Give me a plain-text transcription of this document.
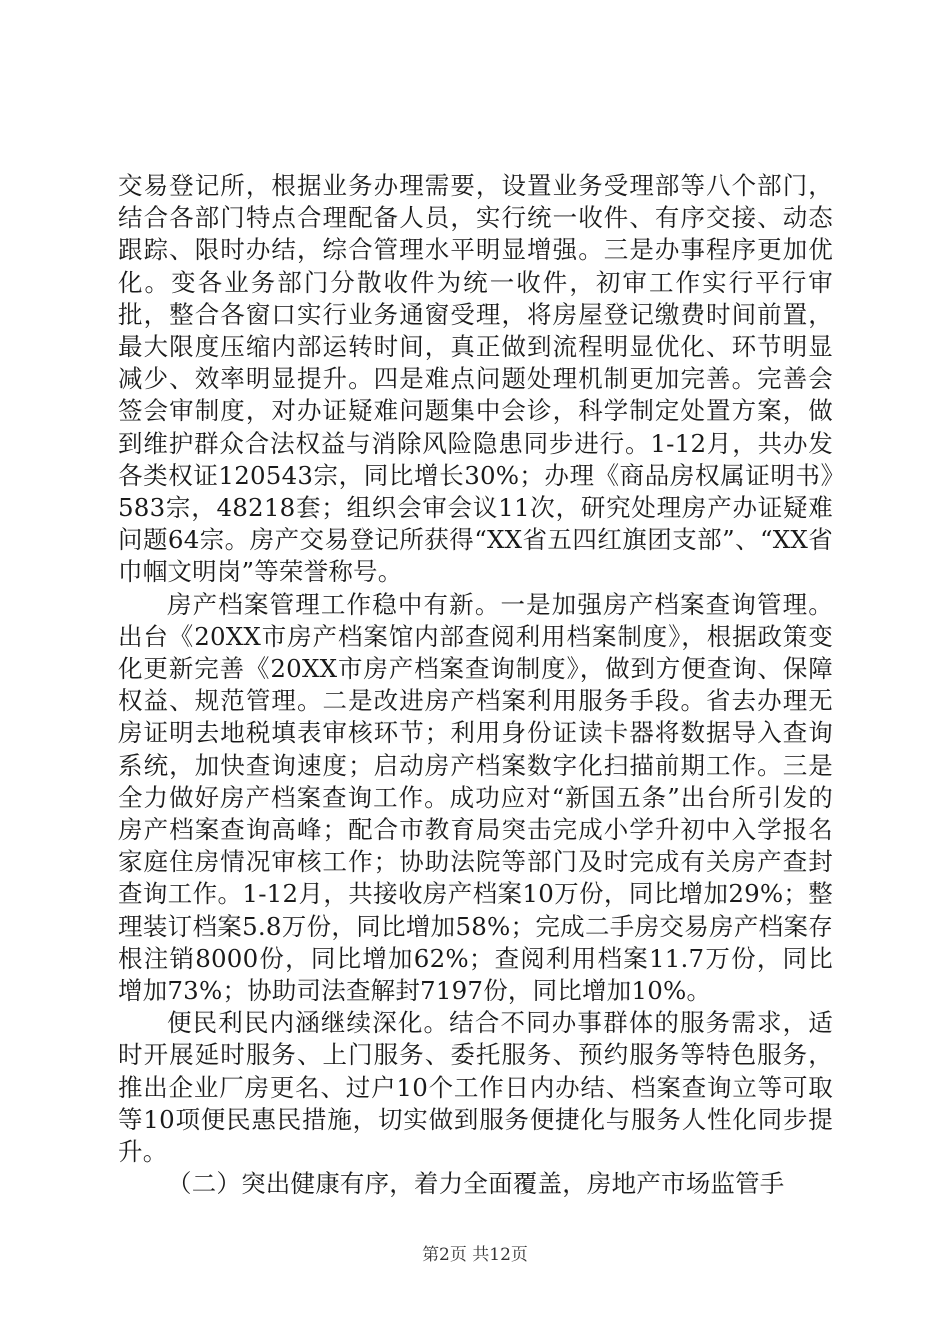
交易登记所，根据业务办理需要，设置业务受理部等八个部门，结合各部门特点合理配备人员，实行统一收件、有序交接、动态跟踪、限时办结，综合管理水平明显增强。三是办事程序更加优化。变各业务部门分散收件为统一收件，初审工作实行平行审批，整合各窗口实行业务通窗受理，将房屋登记缴费时间前置，最大限度压缩内部运转时间，真正做到流程明显优化、环节明显减少、效率明显提升。四是难点问题处理机制更加完善。完善会签会审制度，对办证疑难问题集中会诊，科学制定处置方案，做到维护群众合法权益与消除风险隐患同步进行。1-12月，共办发各类权证120543宗，同比增长30%；办理《商品房权属证明书》583宗，48218套；组织会审会议11次，研究处理房产办证疑难问题64宗。房产交易登记所获得“XX省五四红旗团支部”、“XX省巾帼文明岗”等荣誉称号。

房产档案管理工作稳中有新。一是加强房产档案查询管理。出台《20XX市房产档案馆内部查阅利用档案制度》，根据政策变化更新完善《20XX市房产档案查询制度》，做到方便查询、保障权益、规范管理。二是改进房产档案利用服务手段。省去办理无房证明去地税填表审核环节；利用身份证读卡器将数据导入查询系统，加快查询速度；启动房产档案数字化扫描前期工作。三是全力做好房产档案查询工作。成功应对“新国五条”出台所引发的房产档案查询高峰；配合市教育局突击完成小学升初中入学报名家庭住房情况审核工作；协助法院等部门及时完成有关房产查封查询工作。1-12月，共接收房产档案10万份，同比增加29%；整理装订档案5.8万份，同比增加58%；完成二手房交易房产档案存根注销8000份，同比增加62%；查阅利用档案11.7万份，同比增加73%；协助司法查解封7197份，同比增加10%。

便民利民内涵继续深化。结合不同办事群体的服务需求，适时开展延时服务、上门服务、委托服务、预约服务等特色服务，推出企业厂房更名、过户10个工作日内办结、档案查询立等可取等10项便民惠民措施，切实做到服务便捷化与服务人性化同步提升。

（二）突出健康有序，着力全面覆盖，房地产市场监管手

第2页 共12页
